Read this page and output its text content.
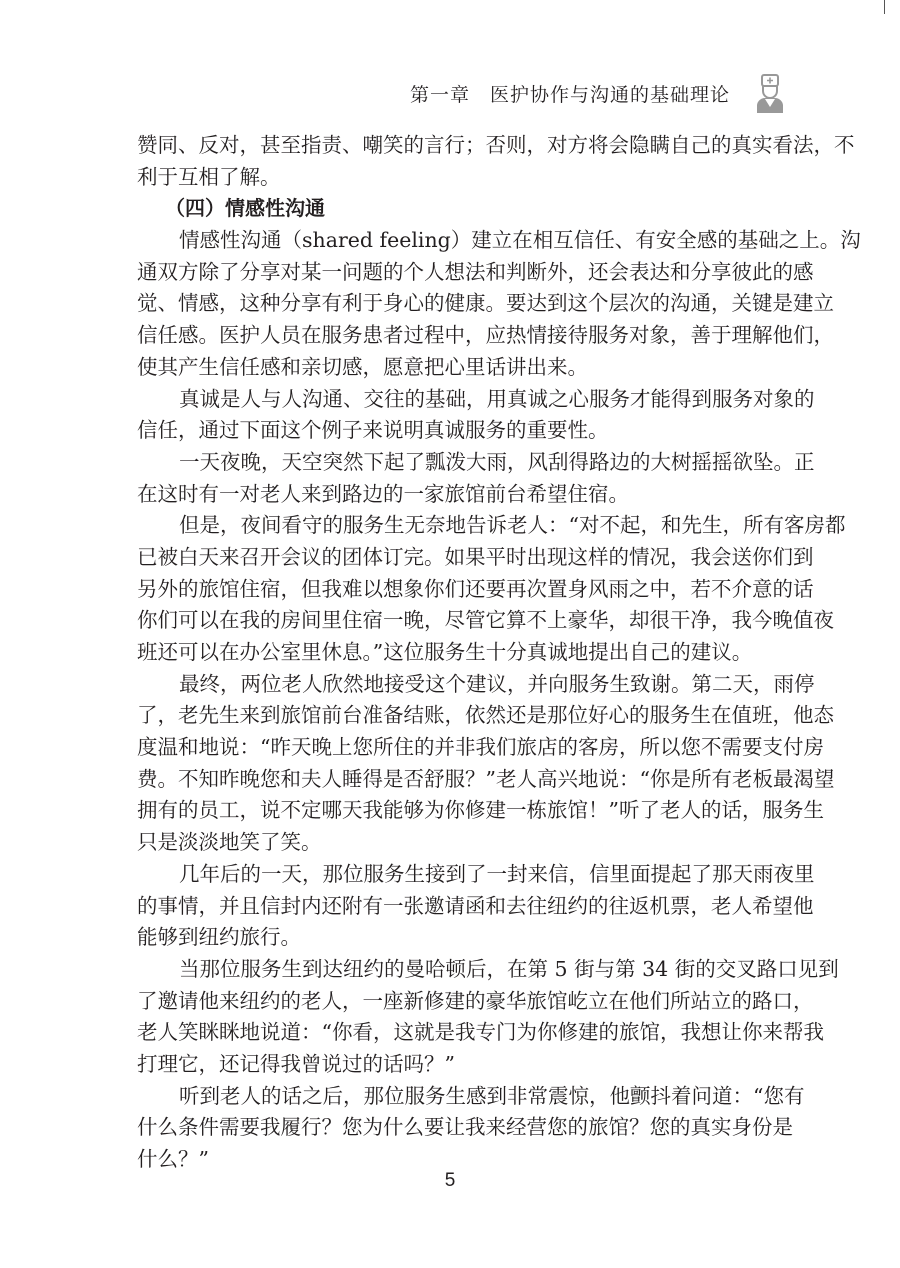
第一章 医护协作与沟通的基础理论
赞同、反对，甚至指责、嘲笑的言行；否则，对方将会隐瞒自己的真实看法，不
利于互相了解。
（四）情感性沟通
情感性沟通（shared feeling）建立在相互信任、有安全感的基础之上。沟
通双方除了分享对某一问题的个人想法和判断外，还会表达和分享彼此的感
觉、情感，这种分享有利于身心的健康。要达到这个层次的沟通，关键是建立
信任感。医护人员在服务患者过程中，应热情接待服务对象，善于理解他们，
使其产生信任感和亲切感，愿意把心里话讲出来。
真诚是人与人沟通、交往的基础，用真诚之心服务才能得到服务对象的
信任，通过下面这个例子来说明真诚服务的重要性。
一天夜晚，天空突然下起了瓢泼大雨，风刮得路边的大树摇摇欲坠。正
在这时有一对老人来到路边的一家旅馆前台希望住宿。
但是，夜间看守的服务生无奈地告诉老人：“对不起，和先生，所有客房都
已被白天来召开会议的团体订完。如果平时出现这样的情况，我会送你们到
另外的旅馆住宿，但我难以想象你们还要再次置身风雨之中，若不介意的话
你们可以在我的房间里住宿一晚，尽管它算不上豪华，却很干净，我今晚值夜
班还可以在办公室里休息。”这位服务生十分真诚地提出自己的建议。
最终，两位老人欣然地接受这个建议，并向服务生致谢。第二天，雨停
了，老先生来到旅馆前台准备结账，依然还是那位好心的服务生在值班，他态
度温和地说：“昨天晚上您所住的并非我们旅店的客房，所以您不需要支付房
费。不知昨晚您和夫人睡得是否舒服？”老人高兴地说：“你是所有老板最渴望
拥有的员工，说不定哪天我能够为你修建一栋旅馆！”听了老人的话，服务生
只是淡淡地笑了笑。
几年后的一天，那位服务生接到了一封来信，信里面提起了那天雨夜里
的事情，并且信封内还附有一张邀请函和去往纽约的往返机票，老人希望他
能够到纽约旅行。
当那位服务生到达纽约的曼哈顿后，在第 5 街与第 34 街的交叉路口见到
了邀请他来纽约的老人，一座新修建的豪华旅馆屹立在他们所站立的路口，
老人笑眯眯地说道：“你看，这就是我专门为你修建的旅馆，我想让你来帮我
打理它，还记得我曾说过的话吗？”
听到老人的话之后，那位服务生感到非常震惊，他颤抖着问道：“您有
什么条件需要我履行？您为什么要让我来经营您的旅馆？您的真实身份是
什么？”
5
